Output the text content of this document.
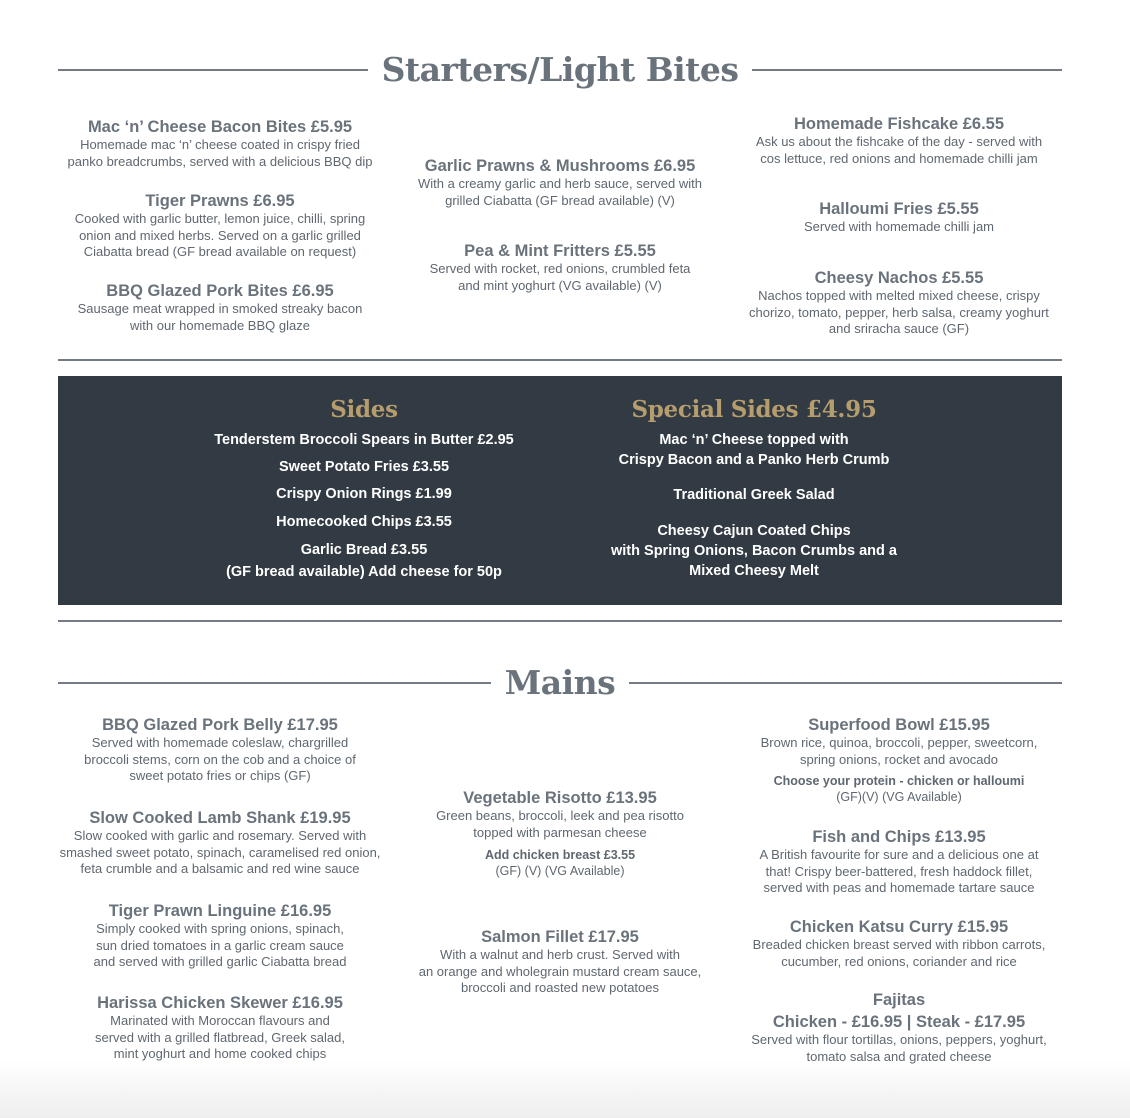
Starters/Light Bites

Mac ‘n’ Cheese Bacon Bites £5.95

Homemade mac ‘n’ cheese coated in crispy fried
panko breadcrumbs, served with a delicious BBQ dip

Tiger Prawns £6.95

Cooked with garlic butter, lemon juice, chilli, spring
onion and mixed herbs. Served on a garlic grilled
Ciabatta bread (GF bread available on request)

BBQ Glazed Pork Bites £6.95

Sausage meat wrapped in smoked streaky bacon
with our homemade BBQ glaze

Garlic Prawns & Mushrooms £6.95

With a creamy garlic and herb sauce, served with
grilled Ciabatta (GF bread available) (V)

Pea & Mint Fritters £5.55

Served with rocket, red onions, crumbled feta
and mint yoghurt (VG available) (V)

Homemade Fishcake £6.55

Ask us about the fishcake of the day - served with
cos lettuce, red onions and homemade chilli jam

Halloumi Fries £5.55

Served with homemade chilli jam

Cheesy Nachos £5.55

Nachos topped with melted mixed cheese, crispy
chorizo, tomato, pepper, herb salsa, creamy yoghurt
and sriracha sauce (GF)

Sides
Tenderstem Broccoli Spears in Butter £2.95
Sweet Potato Fries £3.55
Crispy Onion Rings £1.99
Homecooked Chips £3.55
Garlic Bread £3.55
(GF bread available) Add cheese for 50p
Special Sides £4.95
Mac ‘n’ Cheese topped with
Crispy Bacon and a Panko Herb Crumb
Traditional Greek Salad
Cheesy Cajun Coated Chips
with Spring Onions, Bacon Crumbs and a
Mixed Cheesy Melt
Mains

BBQ Glazed Pork Belly £17.95

Served with homemade coleslaw, chargrilled
broccoli stems, corn on the cob and a choice of
sweet potato fries or chips (GF)

Slow Cooked Lamb Shank £19.95

Slow cooked with garlic and rosemary. Served with
smashed sweet potato, spinach, caramelised red onion,
feta crumble and a balsamic and red wine sauce

Tiger Prawn Linguine £16.95

Simply cooked with spring onions, spinach,
sun dried tomatoes in a garlic cream sauce
and served with grilled garlic Ciabatta bread

Harissa Chicken Skewer £16.95

Marinated with Moroccan flavours and
served with a grilled flatbread, Greek salad,
mint yoghurt and home cooked chips

Vegetable Risotto £13.95

Green beans, broccoli, leek and pea risotto
topped with parmesan cheese

Add chicken breast £3.55
(GF) (V) (VG Available)

Salmon Fillet £17.95

With a walnut and herb crust. Served with
an orange and wholegrain mustard cream sauce,
broccoli and roasted new potatoes

Superfood Bowl £15.95

Brown rice, quinoa, broccoli, pepper, sweetcorn,
spring onions, rocket and avocado

Choose your protein - chicken or halloumi
(GF)(V) (VG Available)

Fish and Chips £13.95

A British favourite for sure and a delicious one at
that! Crispy beer-battered, fresh haddock fillet,
served with peas and homemade tartare sauce

Chicken Katsu Curry £15.95

Breaded chicken breast served with ribbon carrots,
cucumber, red onions, coriander and rice

Fajitas

Chicken - £16.95 | Steak - £17.95

Served with flour tortillas, onions, peppers, yoghurt,
tomato salsa and grated cheese
